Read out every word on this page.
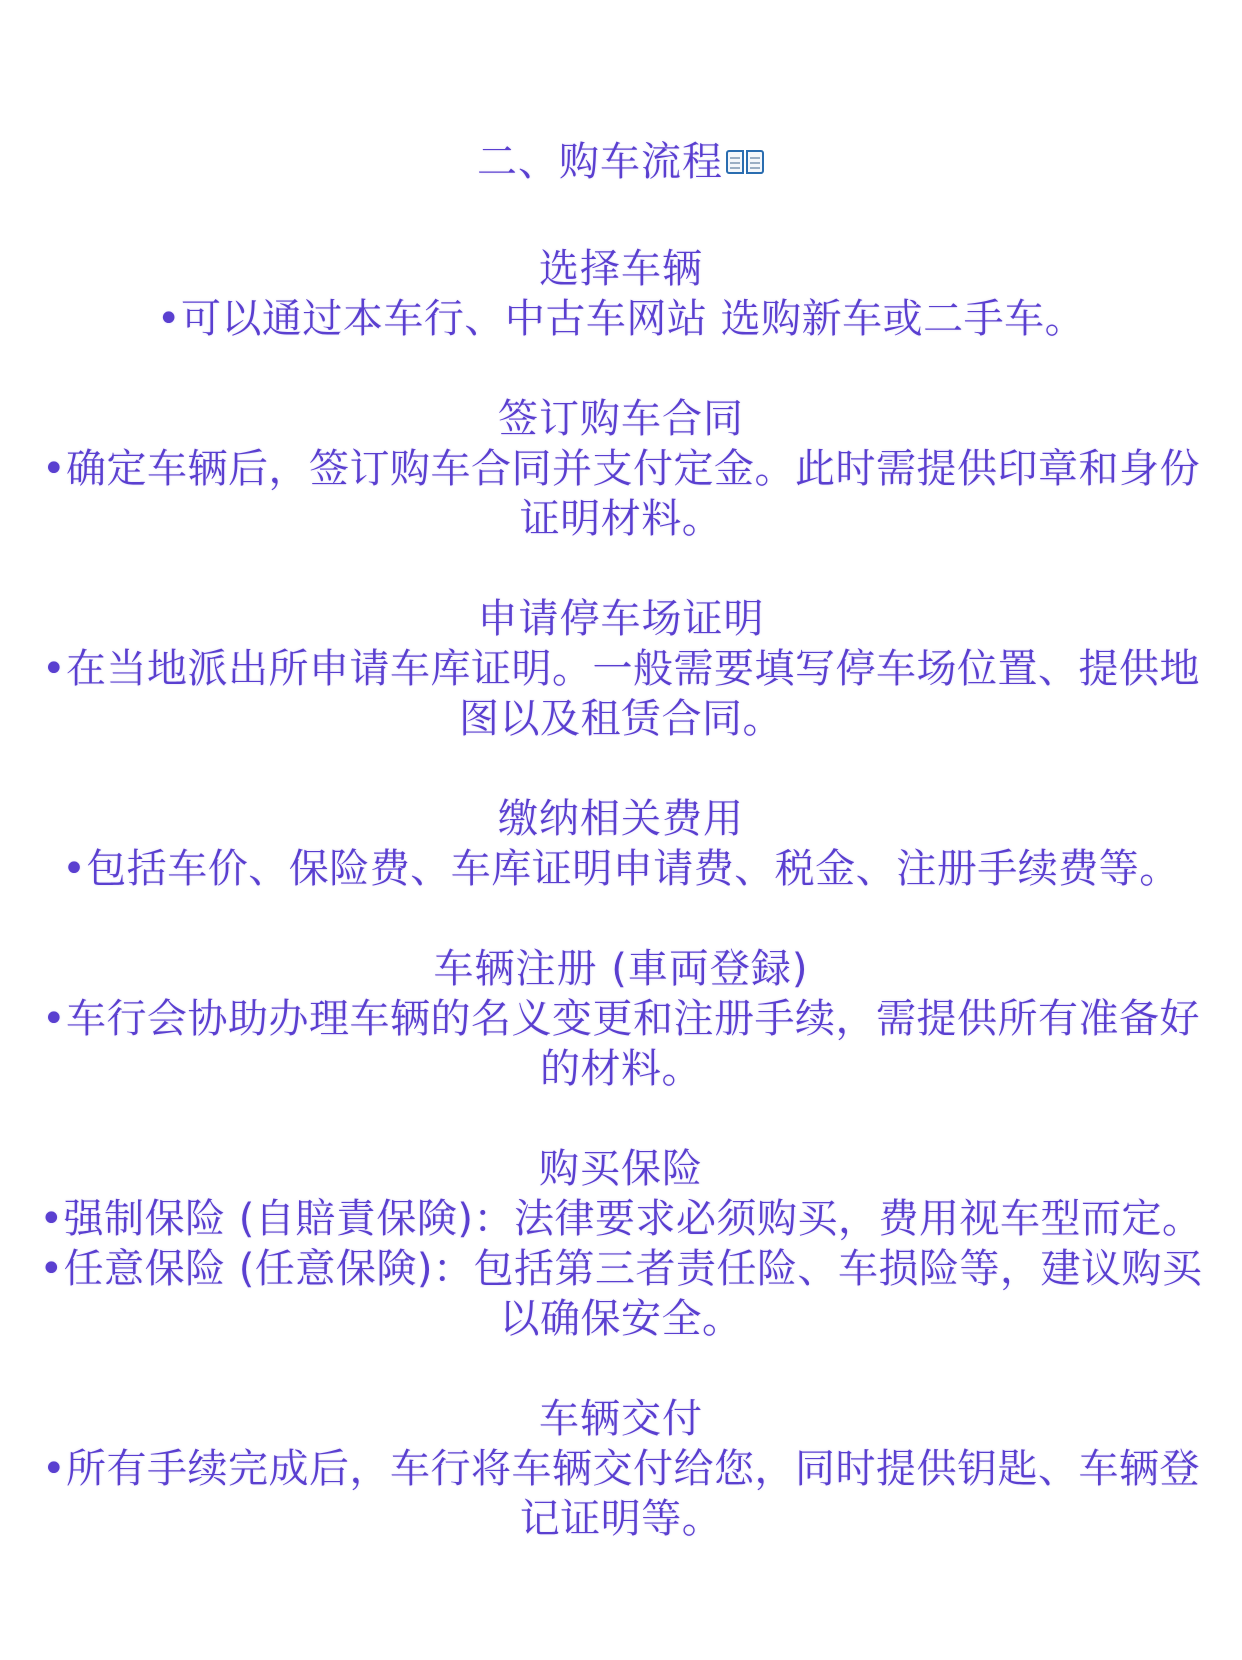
二、购车流程
选择车辆
•可以通过本车行、中古车网站 选购新车或二手车。
签订购车合同
•确定车辆后，签订购车合同并支付定金。此时需提供印章和身份
证明材料。
申请停车场证明
•在当地派出所申请车库证明。一般需要填写停车场位置、提供地
图以及租赁合同。
缴纳相关费用
•包括车价、保险费、车库证明申请费、税金、注册手续费等。
车辆注册 (車両登録)
•车行会协助办理车辆的名义变更和注册手续，需提供所有准备好
的材料。
购买保险
•强制保险 (自賠責保険)：法律要求必须购买，费用视车型而定。
•任意保险 (任意保険)：包括第三者责任险、车损险等，建议购买
以确保安全。
车辆交付
•所有手续完成后，车行将车辆交付给您，同时提供钥匙、车辆登
记证明等。
